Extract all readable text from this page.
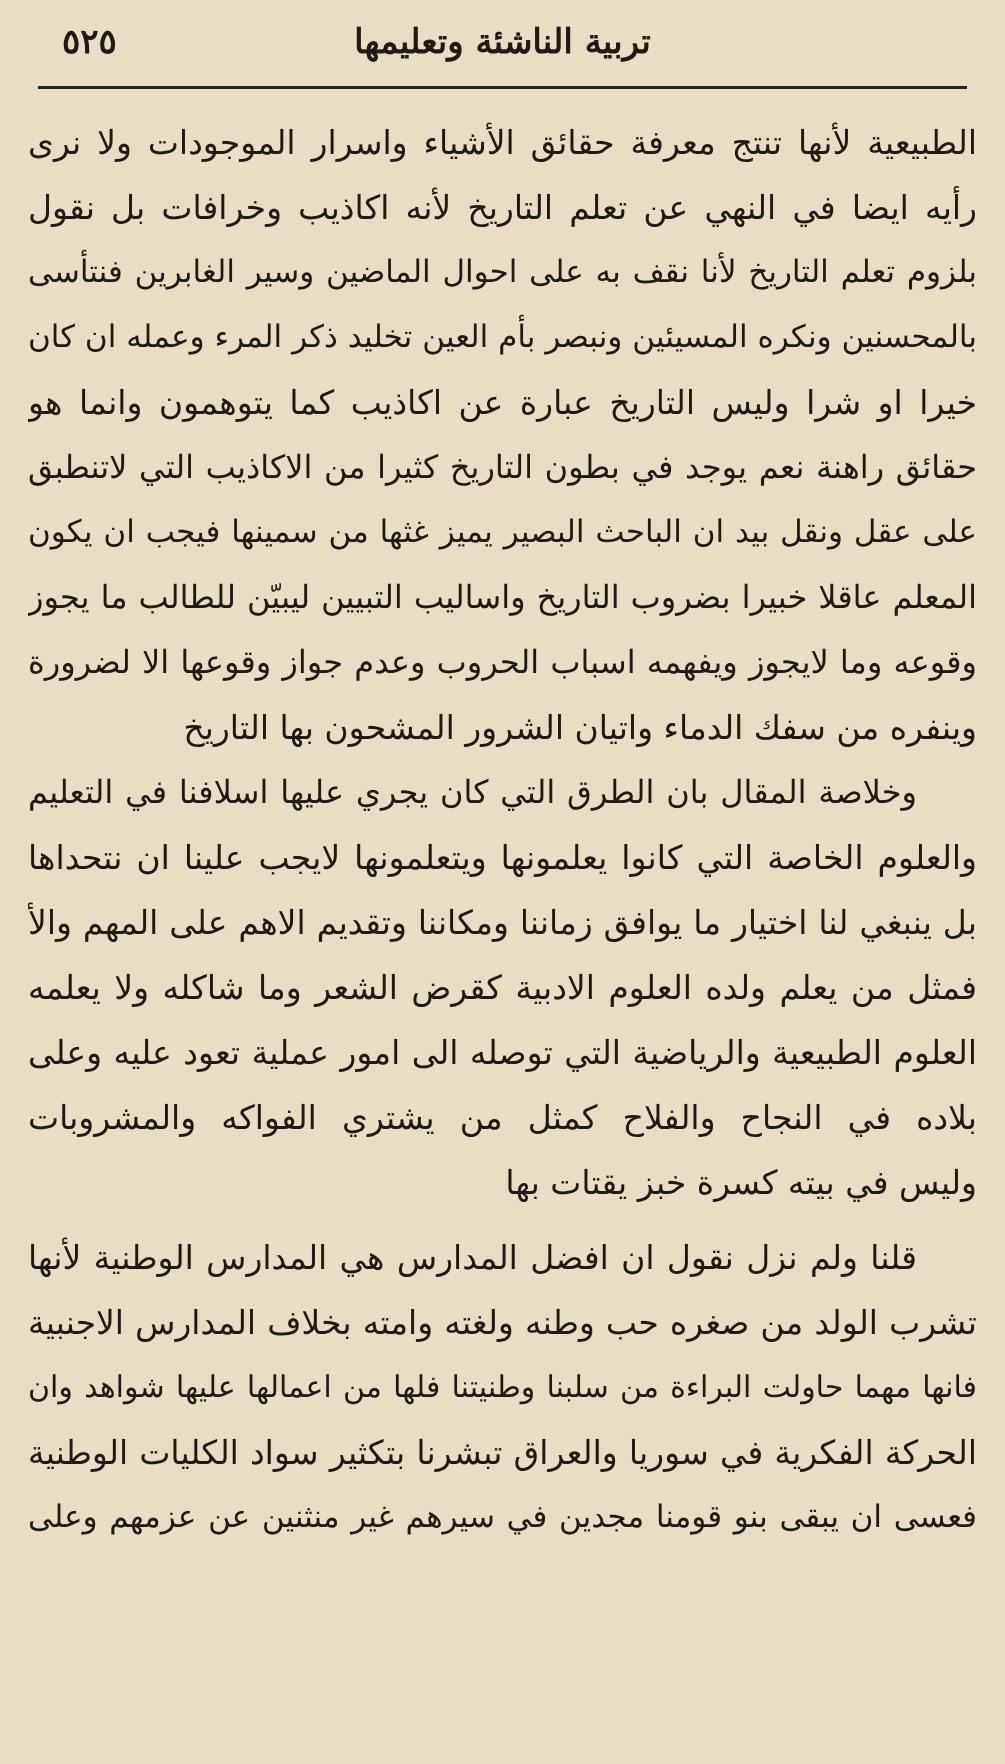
تربية الناشئة وتعليمها
٥٢٥
الطبيعية لأنها تنتج معرفة حقائق الأشياء واسرار الموجودات ولا نرى
رأيه ايضا في النهي عن تعلم التاريخ لأنه اكاذيب وخرافات بل نقول
بلزوم تعلم التاريخ لأنا نقف به على احوال الماضين وسير الغابرين فنتأسى
بالمحسنين ونكره المسيئين ونبصر بأم العين تخليد ذكر المرء وعمله ان كان
خيرا او شرا وليس التاريخ عبارة عن اكاذيب كما يتوهمون وانما هو
حقائق راهنة نعم يوجد في بطون التاريخ كثيرا من الاكاذيب التي لاتنطبق
على عقل ونقل بيد ان الباحث البصير يميز غثها من سمينها فيجب ان يكون
المعلم عاقلا خبيرا بضروب التاريخ واساليب التبيين ليبيّن للطالب ما يجوز
وقوعه وما لايجوز ويفهمه اسباب الحروب وعدم جواز وقوعها الا لضرورة
وينفره من سفك الدماء واتيان الشرور المشحون بها التاريخ
وخلاصة المقال بان الطرق التي كان يجري عليها اسلافنا في التعليم
والعلوم الخاصة التي كانوا يعلمونها ويتعلمونها لايجب علينا ان نتحداها
بل ينبغي لنا اختيار ما يوافق زماننا ومكاننا وتقديم الاهم على المهم والأ
فمثل من يعلم ولده العلوم الادبية كقرض الشعر وما شاكله ولا يعلمه
العلوم الطبيعية والرياضية التي توصله الى امور عملية تعود عليه وعلى
بلاده في النجاح والفلاح كمثل من يشتري الفواكه والمشروبات
وليس في بيته كسرة خبز يقتات بها
قلنا ولم نزل نقول ان افضل المدارس هي المدارس الوطنية لأنها
تشرب الولد من صغره حب وطنه ولغته وامته بخلاف المدارس الاجنبية
فانها مهما حاولت البراءة من سلبنا وطنيتنا فلها من اعمالها عليها شواهد وان
الحركة الفكرية في سوريا والعراق تبشرنا بتكثير سواد الكليات الوطنية
فعسى ان يبقى بنو قومنا مجدين في سيرهم غير منثنين عن عزمهم وعلى
